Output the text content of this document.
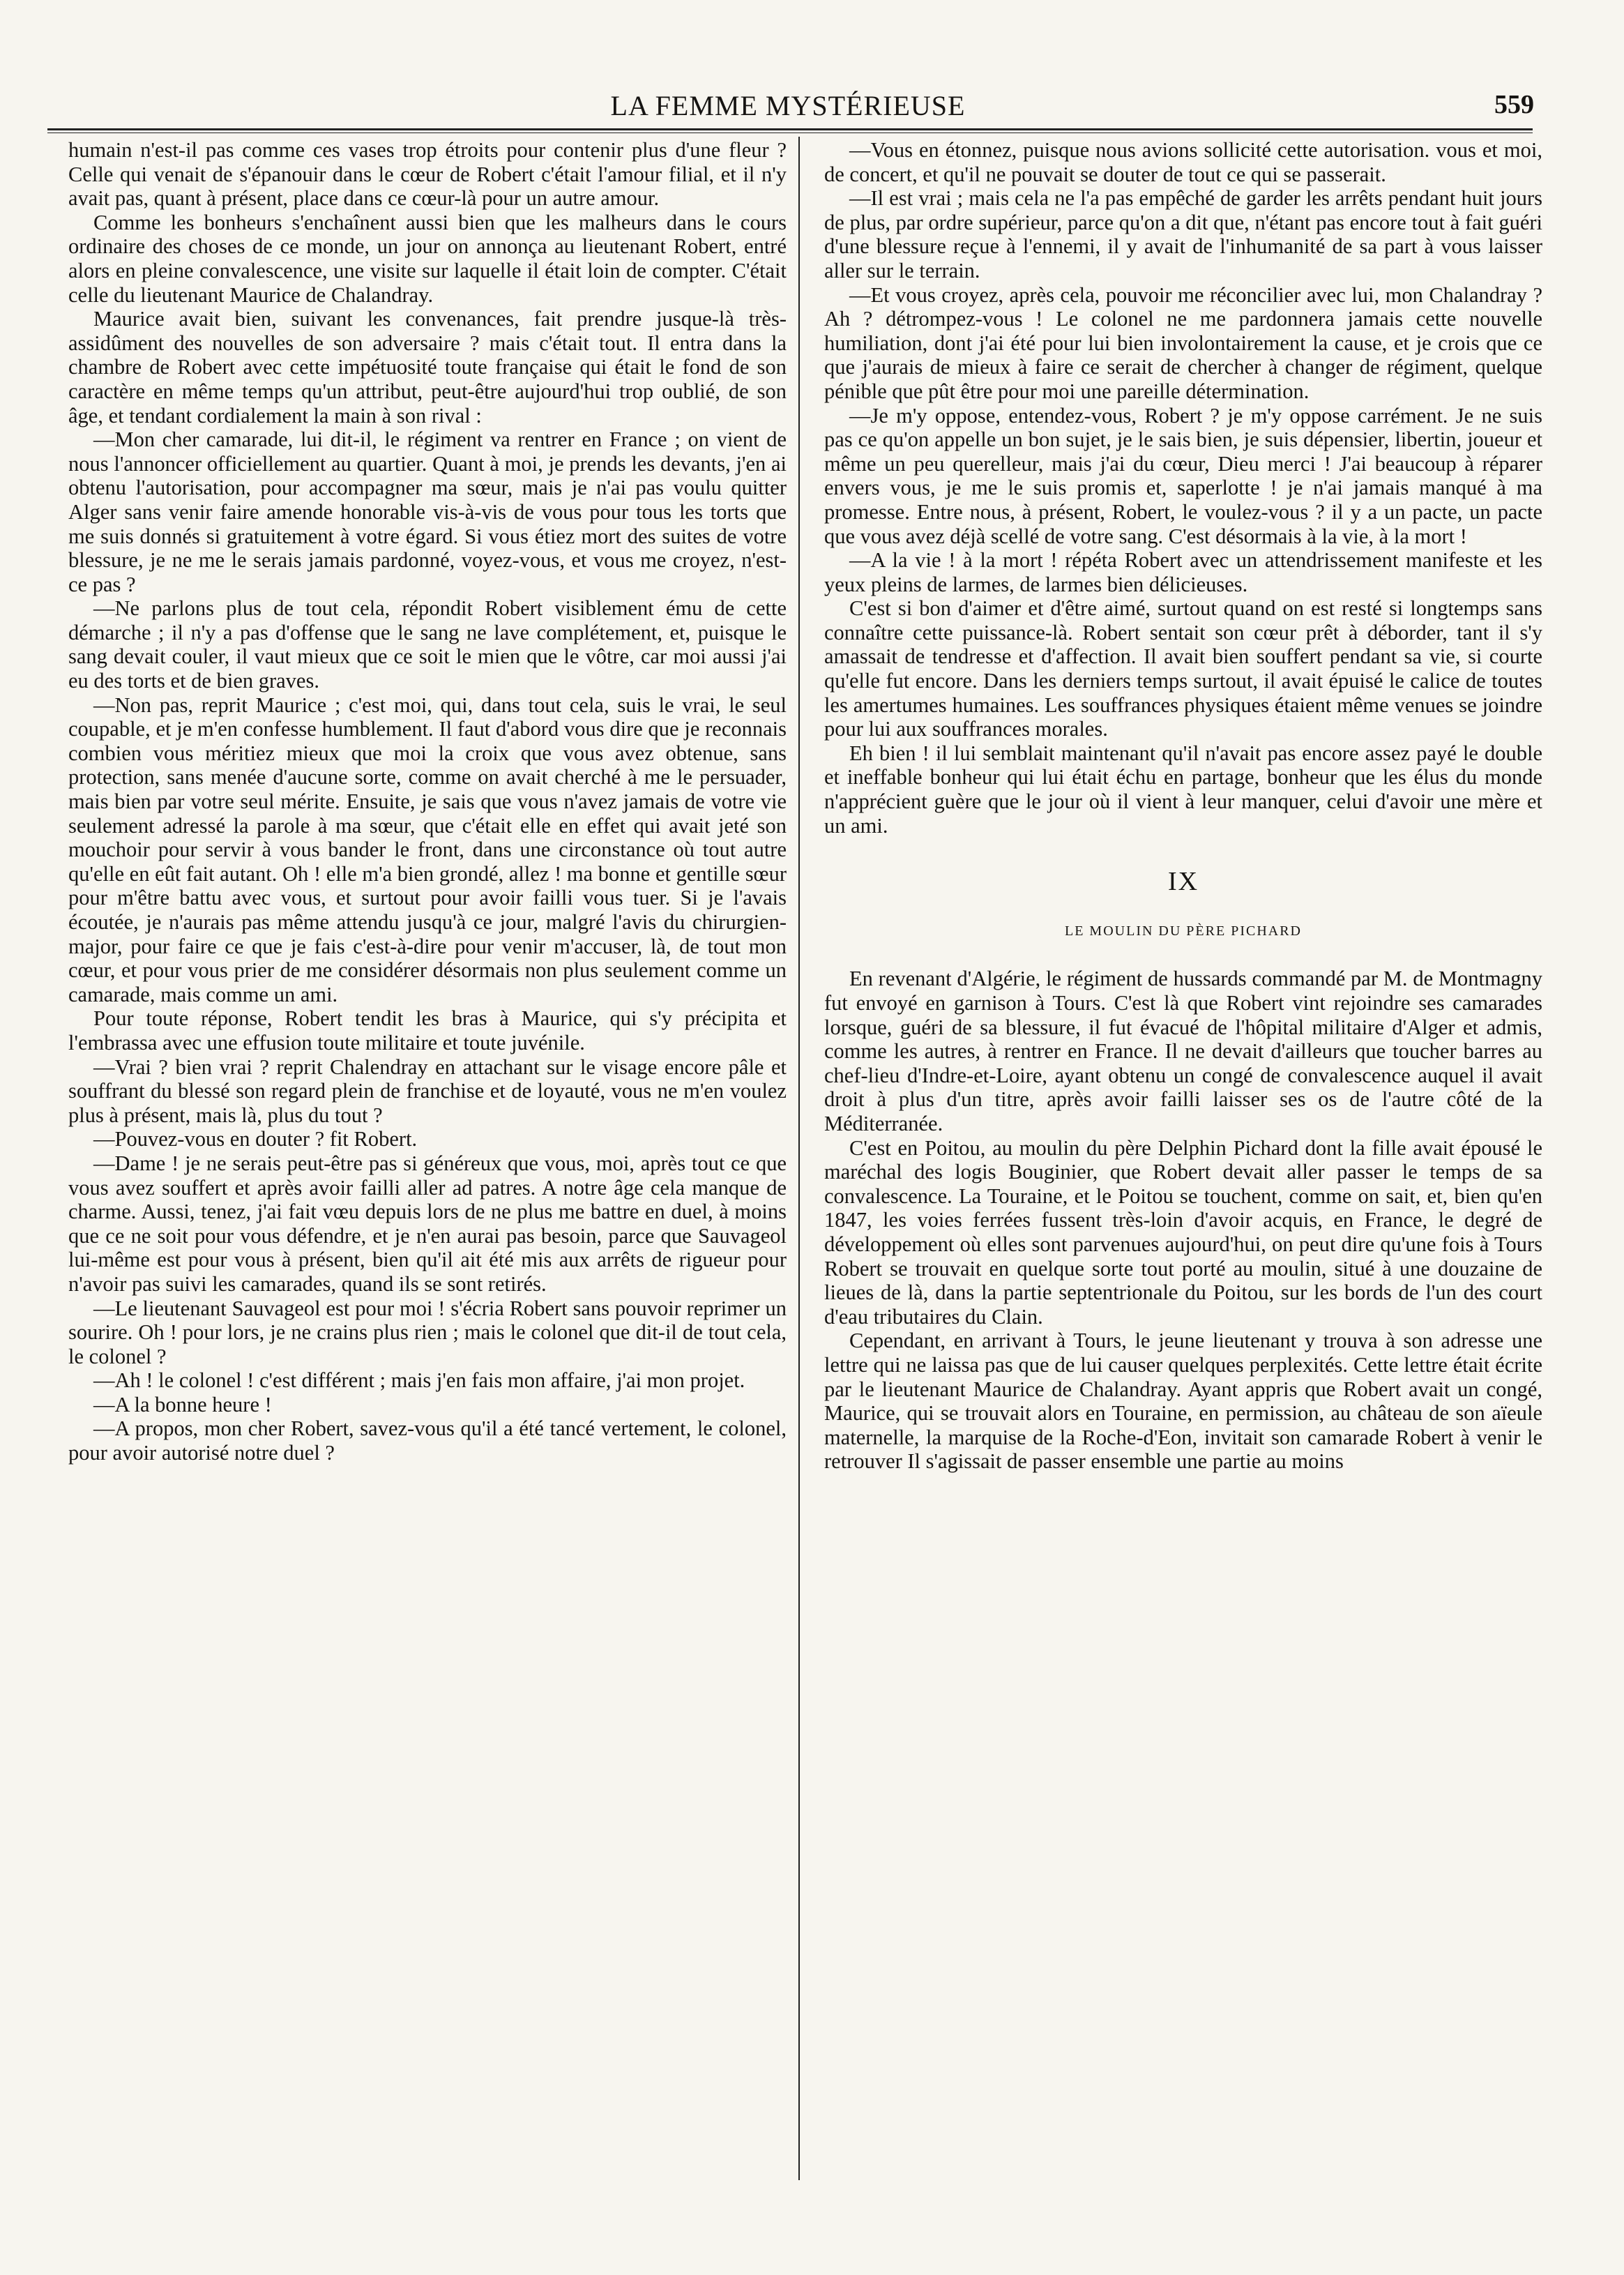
LA FEMME MYSTÉRIEUSE	559

humain n'est-il pas comme ces vases trop étroits pour contenir plus d'une fleur ? Celle qui venait de s'épanouir dans le cœur de Robert c'était l'amour filial, et il n'y avait pas, quant à présent, place dans ce cœur-là pour un autre amour.

Comme les bonheurs s'enchaînent aussi bien que les malheurs dans le cours ordinaire des choses de ce monde, un jour on annonça au lieutenant Robert, entré alors en pleine convalescence, une visite sur laquelle il était loin de compter. C'était celle du lieutenant Maurice de Chalandray.

Maurice avait bien, suivant les convenances, fait prendre jusque-là très-assidûment des nouvelles de son adversaire ? mais c'était tout. Il entra dans la chambre de Robert avec cette impétuosité toute française qui était le fond de son caractère en même temps qu'un attribut, peut-être aujourd'hui trop oublié, de son âge, et tendant cordialement la main à son rival :

—Mon cher camarade, lui dit-il, le régiment va rentrer en France ; on vient de nous l'annoncer officiellement au quartier. Quant à moi, je prends les devants, j'en ai obtenu l'autorisation, pour accompagner ma sœur, mais je n'ai pas voulu quitter Alger sans venir faire amende honorable vis-à-vis de vous pour tous les torts que me suis donnés si gratuitement à votre égard. Si vous étiez mort des suites de votre blessure, je ne me le serais jamais pardonné, voyez-vous, et vous me croyez, n'est-ce pas ?

—Ne parlons plus de tout cela, répondit Robert visiblement ému de cette démarche ; il n'y a pas d'offense que le sang ne lave complétement, et, puisque le sang devait couler, il vaut mieux que ce soit le mien que le vôtre, car moi aussi j'ai eu des torts et de bien graves.

—Non pas, reprit Maurice ; c'est moi, qui, dans tout cela, suis le vrai, le seul coupable, et je m'en confesse humblement. Il faut d'abord vous dire que je reconnais combien vous méritiez mieux que moi la croix que vous avez obtenue, sans protection, sans menée d'aucune sorte, comme on avait cherché à me le persuader, mais bien par votre seul mérite. Ensuite, je sais que vous n'avez jamais de votre vie seulement adressé la parole à ma sœur, que c'était elle en effet qui avait jeté son mouchoir pour servir à vous bander le front, dans une circonstance où tout autre qu'elle en eût fait autant. Oh ! elle m'a bien grondé, allez ! ma bonne et gentille sœur pour m'être battu avec vous, et surtout pour avoir failli vous tuer. Si je l'avais écoutée, je n'aurais pas même attendu jusqu'à ce jour, malgré l'avis du chirurgien-major, pour faire ce que je fais c'est-à-dire pour venir m'accuser, là, de tout mon cœur, et pour vous prier de me considérer désormais non plus seulement comme un camarade, mais comme un ami.

Pour toute réponse, Robert tendit les bras à Maurice, qui s'y précipita et l'embrassa avec une effusion toute militaire et toute juvénile.

—Vrai ? bien vrai ? reprit Chalendray en attachant sur le visage encore pâle et souffrant du blessé son regard plein de franchise et de loyauté, vous ne m'en voulez plus à présent, mais là, plus du tout ?

—Pouvez-vous en douter ? fit Robert.

—Dame ! je ne serais peut-être pas si généreux que vous, moi, après tout ce que vous avez souffert et après avoir failli aller ad patres. A notre âge cela manque de charme. Aussi, tenez, j'ai fait vœu depuis lors de ne plus me battre en duel, à moins que ce ne soit pour vous défendre, et je n'en aurai pas besoin, parce que Sauvageol lui-même est pour vous à présent, bien qu'il ait été mis aux arrêts de rigueur pour n'avoir pas suivi les camarades, quand ils se sont retirés.

—Le lieutenant Sauvageol est pour moi ! s'écria Robert sans pouvoir reprimer un sourire. Oh ! pour lors, je ne crains plus rien ; mais le colonel que dit-il de tout cela, le colonel ?

—Ah ! le colonel ! c'est différent ; mais j'en fais mon affaire, j'ai mon projet.

—A la bonne heure !

—A propos, mon cher Robert, savez-vous qu'il a été tancé vertement, le colonel, pour avoir autorisé notre duel ?

—Vous en étonnez, puisque nous avions sollicité cette autorisation. vous et moi, de concert, et qu'il ne pouvait se douter de tout ce qui se passerait.

—Il est vrai ; mais cela ne l'a pas empêché de garder les arrêts pendant huit jours de plus, par ordre supérieur, parce qu'on a dit que, n'étant pas encore tout à fait guéri d'une blessure reçue à l'ennemi, il y avait de l'inhumanité de sa part à vous laisser aller sur le terrain.

—Et vous croyez, après cela, pouvoir me réconcilier avec lui, mon Chalandray ? Ah ? détrompez-vous ! Le colonel ne me pardonnera jamais cette nouvelle humiliation, dont j'ai été pour lui bien involontairement la cause, et je crois que ce que j'aurais de mieux à faire ce serait de chercher à changer de régiment, quelque pénible que pût être pour moi une pareille détermination.

—Je m'y oppose, entendez-vous, Robert ? je m'y oppose carrément. Je ne suis pas ce qu'on appelle un bon sujet, je le sais bien, je suis dépensier, libertin, joueur et même un peu querelleur, mais j'ai du cœur, Dieu merci ! J'ai beaucoup à réparer envers vous, je me le suis promis et, saperlotte ! je n'ai jamais manqué à ma promesse. Entre nous, à présent, Robert, le voulez-vous ? il y a un pacte, un pacte que vous avez déjà scellé de votre sang. C'est désormais à la vie, à la mort !

—A la vie ! à la mort ! répéta Robert avec un attendrissement manifeste et les yeux pleins de larmes, de larmes bien délicieuses.

C'est si bon d'aimer et d'être aimé, surtout quand on est resté si longtemps sans connaître cette puissance-là. Robert sentait son cœur prêt à déborder, tant il s'y amassait de tendresse et d'affection. Il avait bien souffert pendant sa vie, si courte qu'elle fut encore. Dans les derniers temps surtout, il avait épuisé le calice de toutes les amertumes humaines. Les souffrances physiques étaient même venues se joindre pour lui aux souffrances morales.

Eh bien ! il lui semblait maintenant qu'il n'avait pas encore assez payé le double et ineffable bonheur qui lui était échu en partage, bonheur que les élus du monde n'apprécient guère que le jour où il vient à leur manquer, celui d'avoir une mère et un ami.

IX
LE MOULIN DU PÈRE PICHARD

En revenant d'Algérie, le régiment de hussards commandé par M. de Montmagny fut envoyé en garnison à Tours. C'est là que Robert vint rejoindre ses camarades lorsque, guéri de sa blessure, il fut évacué de l'hôpital militaire d'Alger et admis, comme les autres, à rentrer en France. Il ne devait d'ailleurs que toucher barres au chef-lieu d'Indre-et-Loire, ayant obtenu un congé de convalescence auquel il avait droit à plus d'un titre, après avoir failli laisser ses os de l'autre côté de la Méditerranée.

C'est en Poitou, au moulin du père Delphin Pichard dont la fille avait épousé le maréchal des logis Bouginier, que Robert devait aller passer le temps de sa convalescence. La Touraine, et le Poitou se touchent, comme on sait, et, bien qu'en 1847, les voies ferrées fussent très-loin d'avoir acquis, en France, le degré de développement où elles sont parvenues aujourd'hui, on peut dire qu'une fois à Tours Robert se trouvait en quelque sorte tout porté au moulin, situé à une douzaine de lieues de là, dans la partie septentrionale du Poitou, sur les bords de l'un des court d'eau tributaires du Clain.

Cependant, en arrivant à Tours, le jeune lieutenant y trouva à son adresse une lettre qui ne laissa pas que de lui causer quelques perplexités. Cette lettre était écrite par le lieutenant Maurice de Chalandray. Ayant appris que Robert avait un congé, Maurice, qui se trouvait alors en Touraine, en permission, au château de son aïeule maternelle, la marquise de la Roche-d'Eon, invitait son camarade Robert à venir le retrouver Il s'agissait de passer ensemble une partie au moins
